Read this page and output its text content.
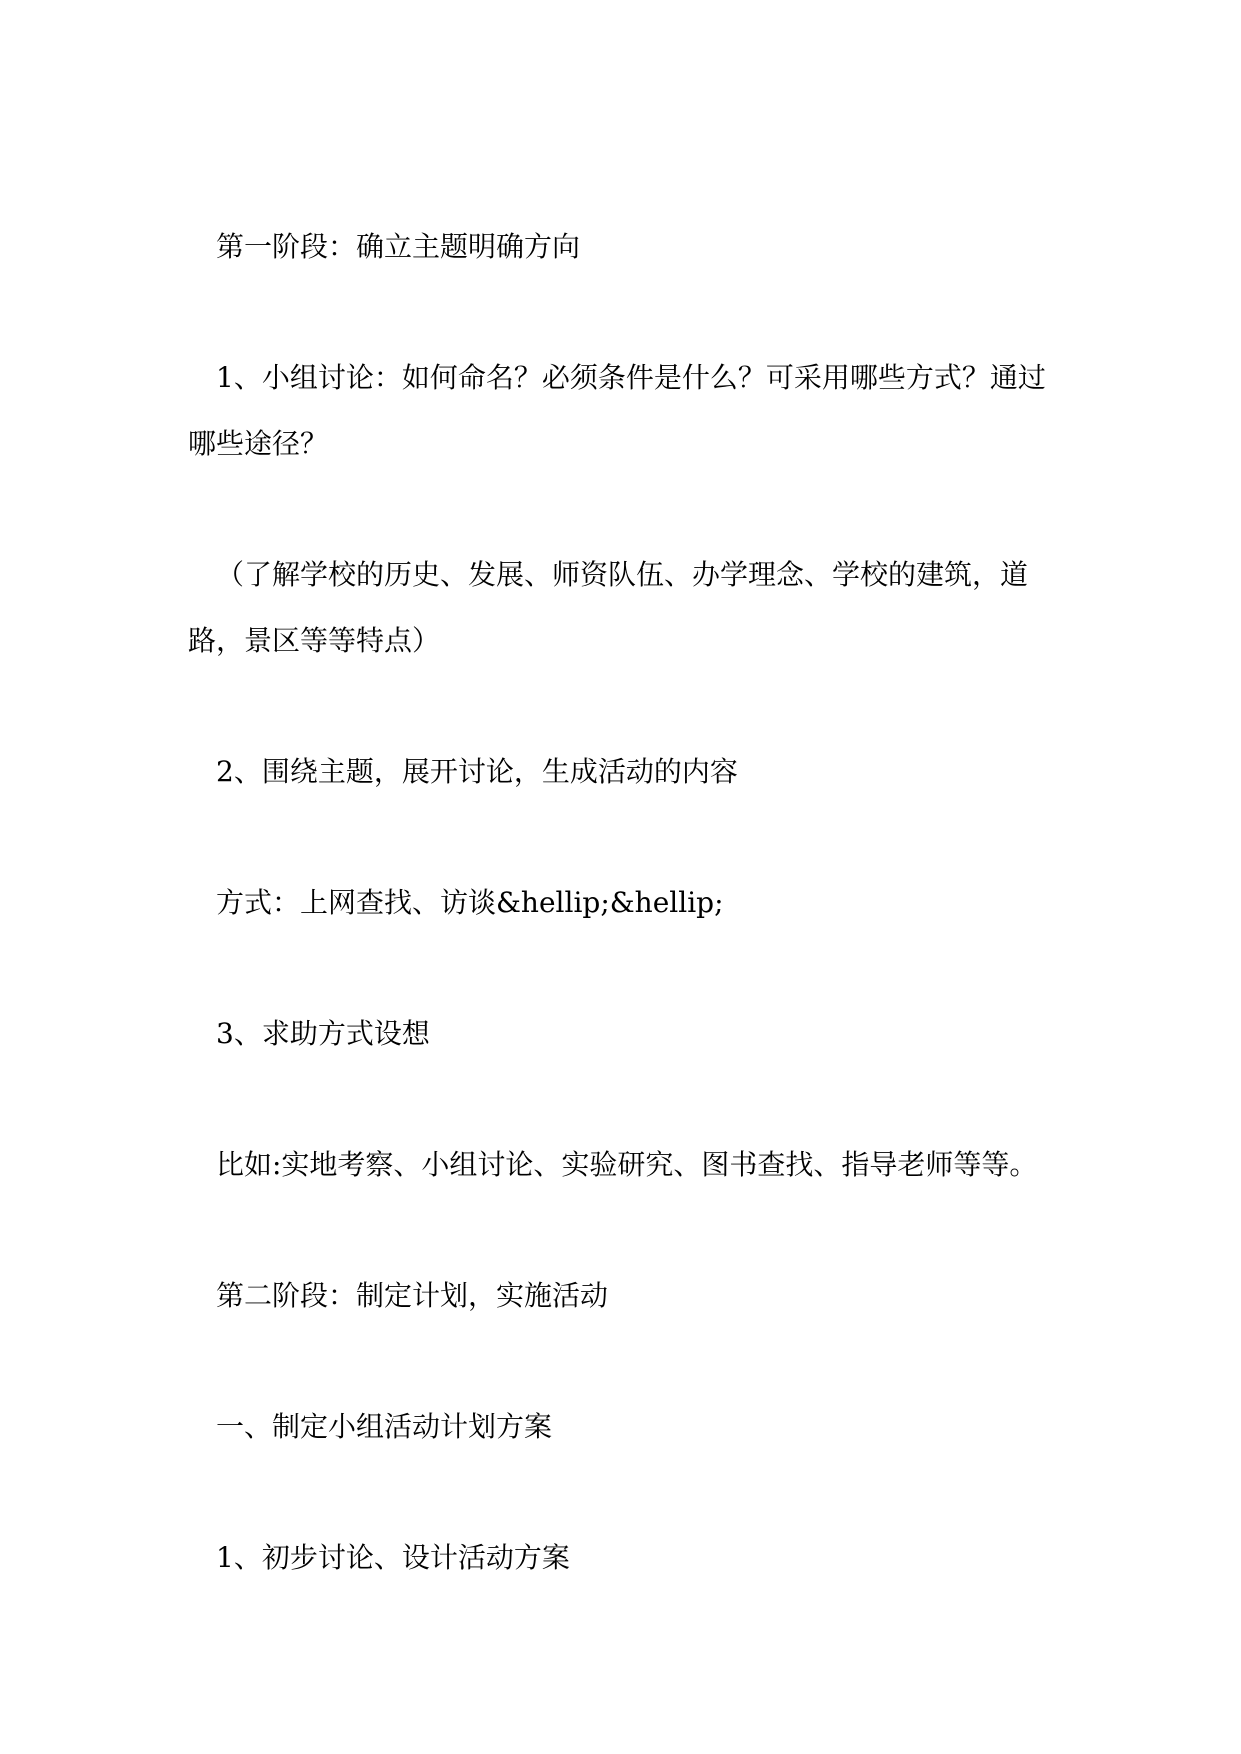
第一阶段：确立主题明确方向

1、小组讨论：如何命名？必须条件是什么？可采用哪些方式？通过哪些途径？

（了解学校的历史、发展、师资队伍、办学理念、学校的建筑，道路，景区等等特点）

2、围绕主题，展开讨论，生成活动的内容

方式：上网查找、访谈&hellip;&hellip;

3、求助方式设想

比如:实地考察、小组讨论、实验研究、图书查找、指导老师等等。

第二阶段：制定计划，实施活动

一、制定小组活动计划方案

1、初步讨论、设计活动方案
